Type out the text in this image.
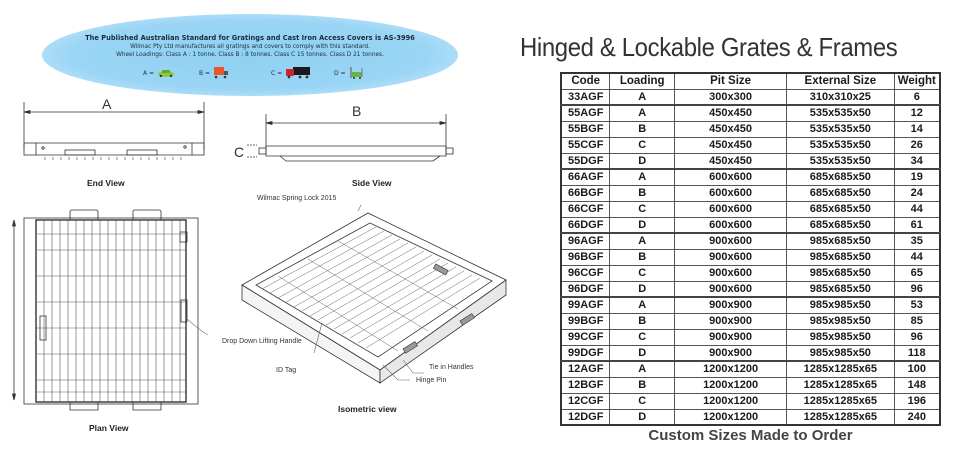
The Published Australian Standard for Gratings and Cast Iron Access Covers is AS-3996
Wilmac Pty Ltd manufactures all gratings and covers to comply with this standard.
Wheel Loadings: Class A : 1 tonne. Class B : 8 tonnes. Class C 15 tonnes. Class D 21 tonnes.
A =	B =	C =	D =
Hinged & Lockable Grates & Frames
Code	Loading	Pit Size	External Size	Weight
33AGF	A	300x300	310x310x25	6
55AGF	A	450x450	535x535x50	12
55BGF	B	450x450	535x535x50	14
55CGF	C	450x450	535x535x50	26
55DGF	D	450x450	535x535x50	34
66AGF	A	600x600	685x685x50	19
66BGF	B	600x600	685x685x50	24
66CGF	C	600x600	685x685x50	44
66DGF	D	600x600	685x685x50	61
96AGF	A	900x600	985x685x50	35
96BGF	B	900x600	985x685x50	44
96CGF	C	900x600	985x685x50	65
96DGF	D	900x600	985x685x50	96
99AGF	A	900x900	985x985x50	53
99BGF	B	900x900	985x985x50	85
99CGF	C	900x900	985x985x50	96
99DGF	D	900x900	985x985x50	118
12AGF	A	1200x1200	1285x1285x65	100
12BGF	B	1200x1200	1285x1285x65	148
12CGF	C	1200x1200	1285x1285x65	196
12DGF	D	1200x1200	1285x1285x65	240
Custom Sizes Made to Order
A
End View
B
C
Side View
Plan View
Wilmac Spring Lock 2015
Drop Down Lifting Handle
ID Tag	Tie in Handles
Hinge Pin
Isometric view
